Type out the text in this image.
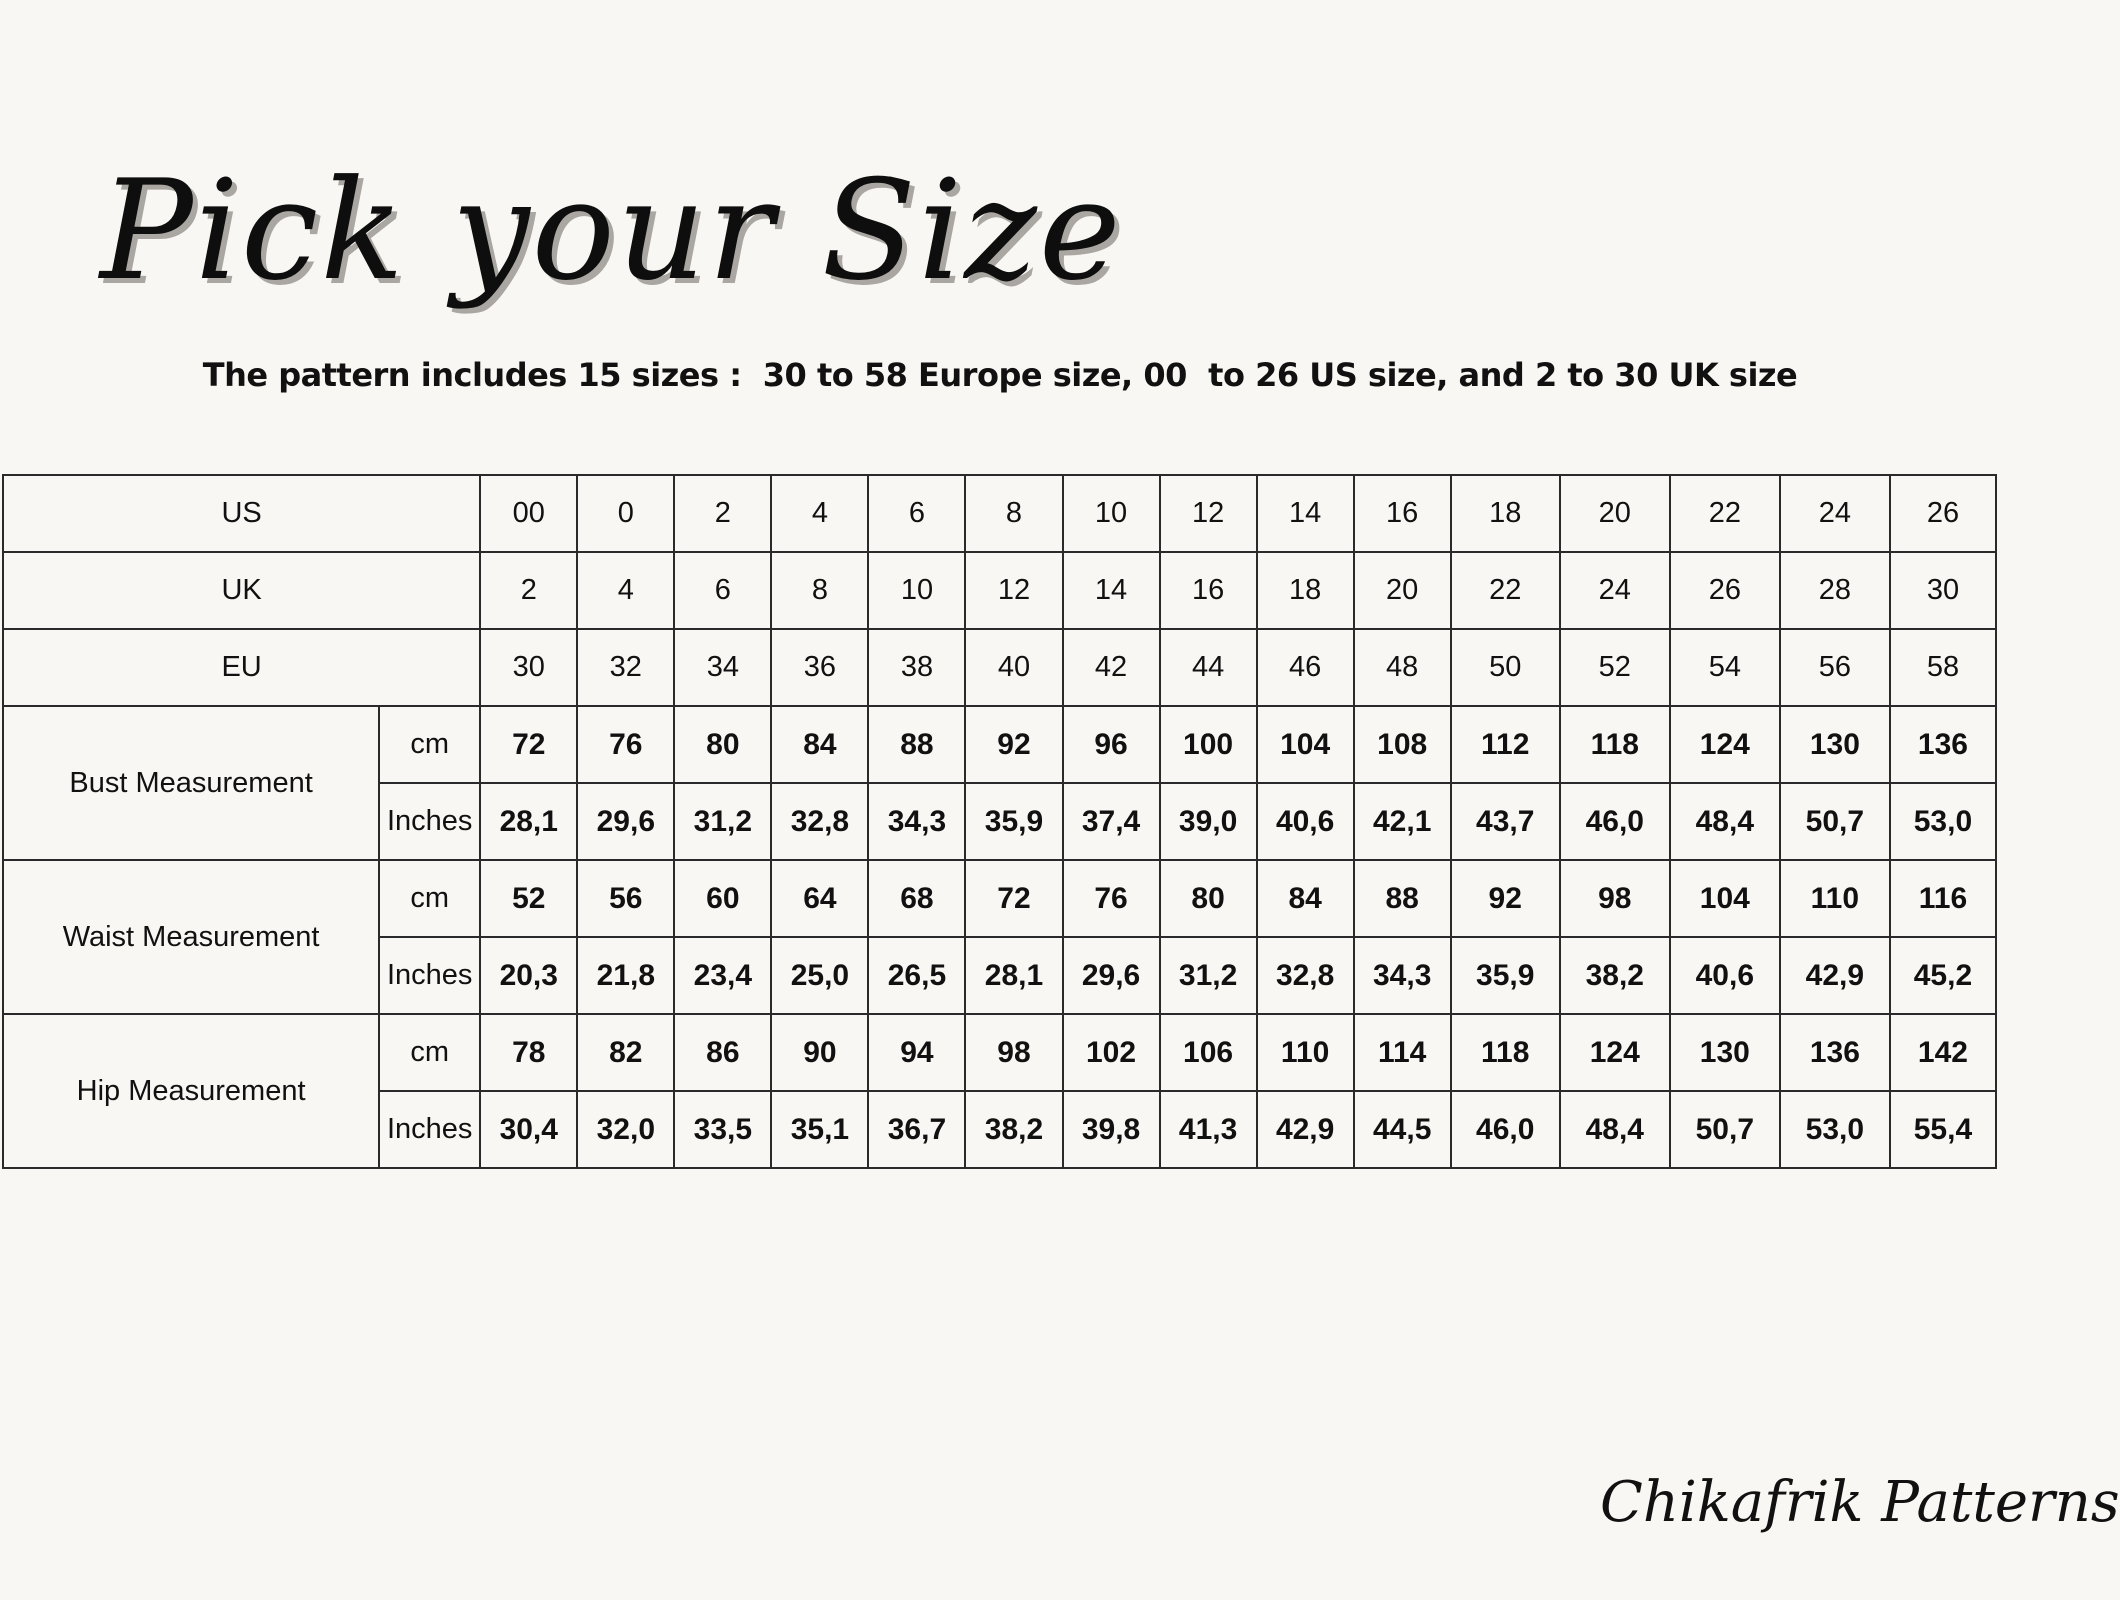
Pick your Size
The pattern includes 15 sizes :  30 to 58 Europe size, 00  to 26 US size, and 2 to 30 UK size
US		00	0	2	4	6	8	10	12	14	16	18	20	22	24	26
UK		2	4	6	8	10	12	14	16	18	20	22	24	26	28	30
EU		30	32	34	36	38	40	42	44	46	48	50	52	54	56	58
Bust Measurement	cm	72	76	80	84	88	92	96	100	104	108	112	118	124	130	136
	Inches	28,1	29,6	31,2	32,8	34,3	35,9	37,4	39,0	40,6	42,1	43,7	46,0	48,4	50,7	53,0
Waist Measurement	cm	52	56	60	64	68	72	76	80	84	88	92	98	104	110	116
	Inches	20,3	21,8	23,4	25,0	26,5	28,1	29,6	31,2	32,8	34,3	35,9	38,2	40,6	42,9	45,2
Hip Measurement	cm	78	82	86	90	94	98	102	106	110	114	118	124	130	136	142
	Inches	30,4	32,0	33,5	35,1	36,7	38,2	39,8	41,3	42,9	44,5	46,0	48,4	50,7	53,0	55,4
Chikafrik Patterns
